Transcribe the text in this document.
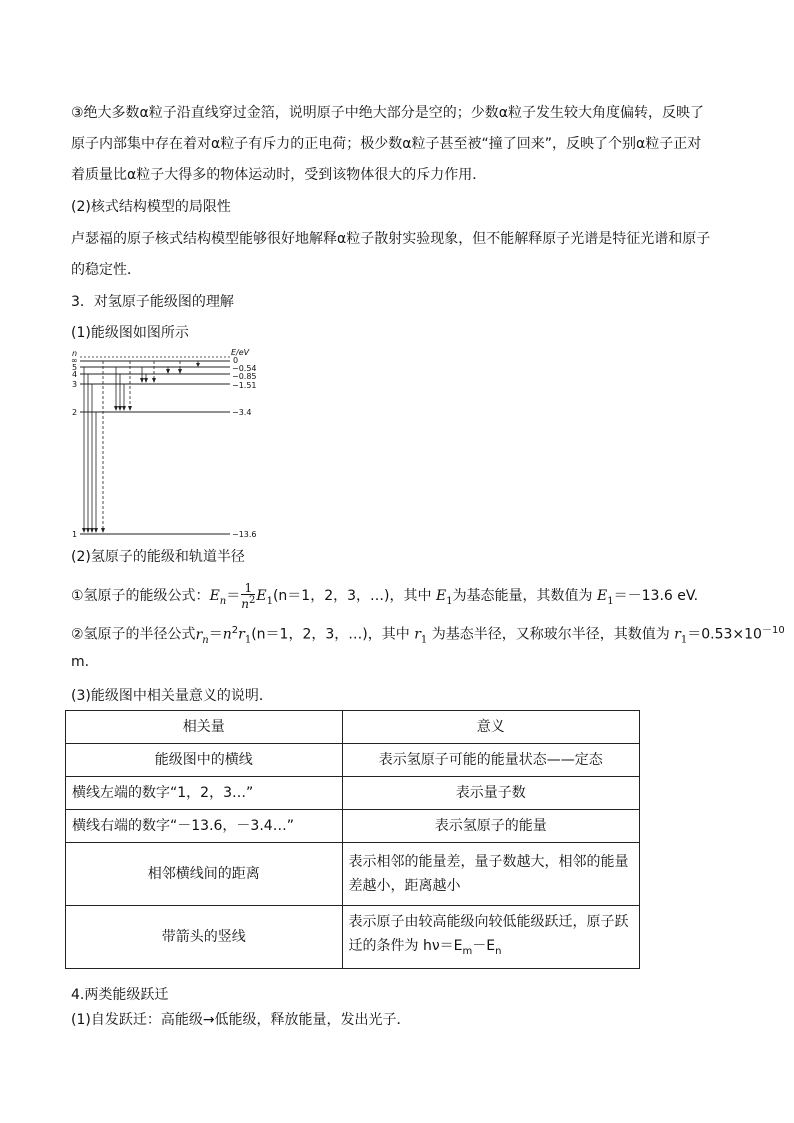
③绝大多数α粒子沿直线穿过金箔，说明原子中绝大部分是空的；少数α粒子发生较大角度偏转，反映了
原子内部集中存在着对α粒子有斥力的正电荷；极少数α粒子甚至被“撞了回来”，反映了个别α粒子正对
着质量比α粒子大得多的物体运动时，受到该物体很大的斥力作用．
(2)核式结构模型的局限性
卢瑟福的原子核式结构模型能够很好地解释α粒子散射实验现象，但不能解释原子光谱是特征光谱和原子
的稳定性．
3．对氢原子能级图的理解
(1)能级图如图所示
n
∞
5
4
3
2
1
E/eV
0
−0.54
−0.85
−1.51
−3.4
−13.6
(2)氢原子的能级和轨道半径
①氢原子的能级公式：$E_n= \frac{1}{n^2} E_1(n=1$，2，3，…)，其中 $E_1$为基态能量，其数值为 $E_1=-13.6$ eV.
②氢原子的半径公式$r_n=n^2r_1(n=1$，2，3，…)，其中 $r_1$ 为基态半径，又称玻尔半径，其数值为 $r_1=0.53\times 10^{-10}$
m.
(3)能级图中相关量意义的说明．
相关量	意义
能级图中的横线	表示氢原子可能的能量状态——定态
横线左端的数字“1，2，3…”	表示量子数
横线右端的数字“－13.6，－3.4…”	表示氢原子的能量
相邻横线间的距离	表示相邻的能量差，量子数越大，相邻的能量
差越小，距离越小
带箭头的竖线	表示原子由较高能级向较低能级跃迁，原子跃
迁的条件为 $h\nu=E_m-E_n$
4.两类能级跃迁
(1)自发跃迁：高能级→低能级，释放能量，发出光子．
